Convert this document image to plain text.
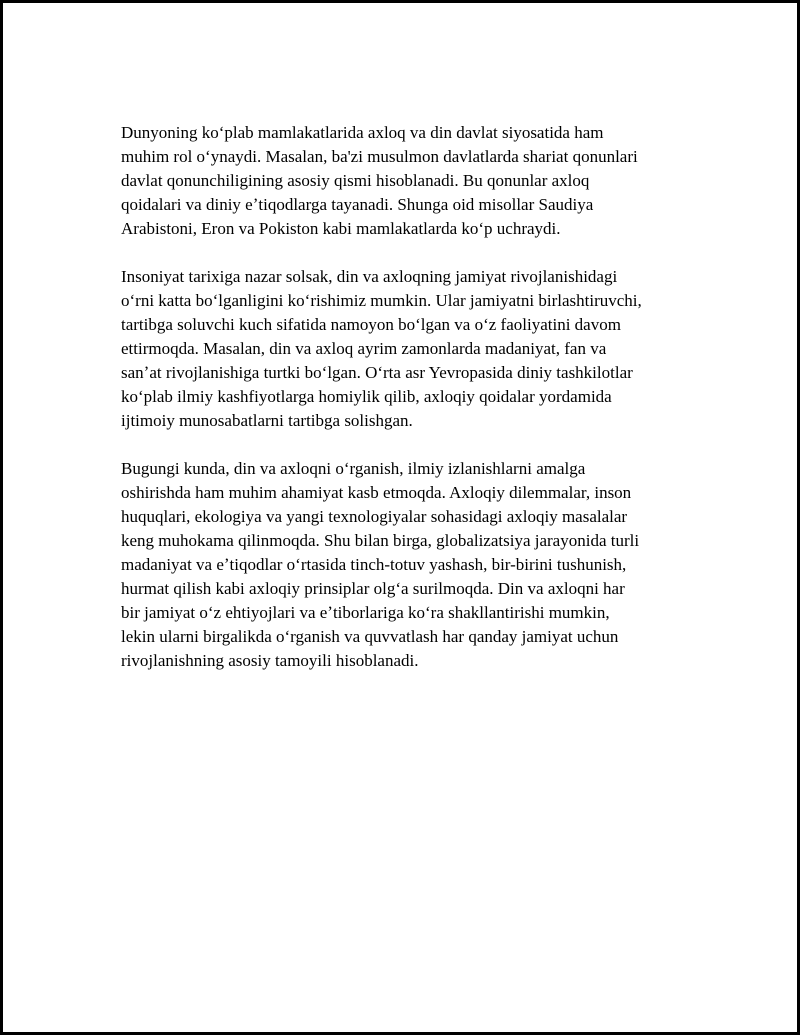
Dunyoning koʻplab mamlakatlarida axloq va din davlat siyosatida ham
muhim rol oʻynaydi. Masalan, ba'zi musulmon davlatlarda shariat qonunlari
davlat qonunchiligining asosiy qismi hisoblanadi. Bu qonunlar axloq
qoidalari va diniy eʼtiqodlarga tayanadi. Shunga oid misollar Saudiya
Arabistoni, Eron va Pokiston kabi mamlakatlarda koʻp uchraydi.

Insoniyat tarixiga nazar solsak, din va axloqning jamiyat rivojlanishidagi
oʻrni katta boʻlganligini koʻrishimiz mumkin. Ular jamiyatni birlashtiruvchi,
tartibga soluvchi kuch sifatida namoyon boʻlgan va oʻz faoliyatini davom
ettirmoqda. Masalan, din va axloq ayrim zamonlarda madaniyat, fan va
sanʼat rivojlanishiga turtki boʻlgan. Oʻrta asr Yevropasida diniy tashkilotlar
koʻplab ilmiy kashfiyotlarga homiylik qilib, axloqiy qoidalar yordamida
ijtimoiy munosabatlarni tartibga solishgan.

Bugungi kunda, din va axloqni oʻrganish, ilmiy izlanishlarni amalga
oshirishda ham muhim ahamiyat kasb etmoqda. Axloqiy dilemmalar, inson
huquqlari, ekologiya va yangi texnologiyalar sohasidagi axloqiy masalalar
keng muhokama qilinmoqda. Shu bilan birga, globalizatsiya jarayonida turli
madaniyat va eʼtiqodlar oʻrtasida tinch-totuv yashash, bir-birini tushunish,
hurmat qilish kabi axloqiy prinsiplar olgʻa surilmoqda. Din va axloqni har
bir jamiyat oʻz ehtiyojlari va eʼtiborlariga koʻra shakllantirishi mumkin,
lekin ularni birgalikda oʻrganish va quvvatlash har qanday jamiyat uchun
rivojlanishning asosiy tamoyili hisoblanadi.
